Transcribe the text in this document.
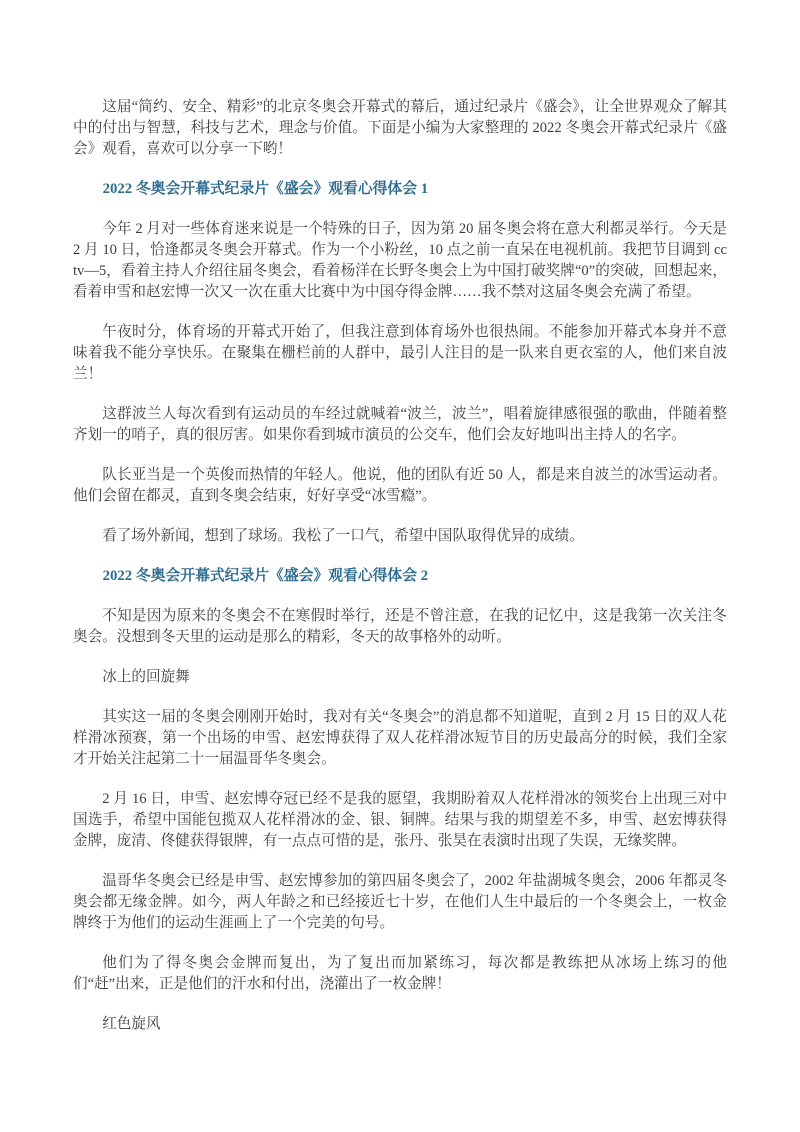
这届“简约、安全、精彩”的北京冬奥会开幕式的幕后，通过纪录片《盛会》，让全世界观众了解其中的付出与智慧，科技与艺术，理念与价值。下面是小编为大家整理的 2022 冬奥会开幕式纪录片《盛会》观看，喜欢可以分享一下哟！

2022 冬奥会开幕式纪录片《盛会》观看心得体会 1

今年 2 月对一些体育迷来说是一个特殊的日子，因为第 20 届冬奥会将在意大利都灵举行。今天是 2 月 10 日，恰逢都灵冬奥会开幕式。作为一个小粉丝，10 点之前一直呆在电视机前。我把节目调到 cctv—5，看着主持人介绍往届冬奥会，看着杨洋在长野冬奥会上为中国打破奖牌“0”的突破，回想起来，看着申雪和赵宏博一次又一次在重大比赛中为中国夺得金牌……我不禁对这届冬奥会充满了希望。

午夜时分，体育场的开幕式开始了，但我注意到体育场外也很热闹。不能参加开幕式本身并不意味着我不能分享快乐。在聚集在栅栏前的人群中，最引人注目的是一队来自更衣室的人，他们来自波兰！

这群波兰人每次看到有运动员的车经过就喊着“波兰，波兰”，唱着旋律感很强的歌曲，伴随着整齐划一的哨子，真的很厉害。如果你看到城市演员的公交车，他们会友好地叫出主持人的名字。

队长亚当是一个英俊而热情的年轻人。他说，他的团队有近 50 人，都是来自波兰的冰雪运动者。他们会留在都灵，直到冬奥会结束，好好享受“冰雪瘾”。

看了场外新闻，想到了球场。我松了一口气，希望中国队取得优异的成绩。

2022 冬奥会开幕式纪录片《盛会》观看心得体会 2

不知是因为原来的冬奥会不在寒假时举行，还是不曾注意，在我的记忆中，这是我第一次关注冬奥会。没想到冬天里的运动是那么的精彩，冬天的故事格外的动听。

冰上的回旋舞

其实这一届的冬奥会刚刚开始时，我对有关“冬奥会”的消息都不知道呢，直到 2 月 15 日的双人花样滑冰预赛，第一个出场的申雪、赵宏博获得了双人花样滑冰短节目的历史最高分的时候，我们全家才开始关注起第二十一届温哥华冬奥会。

2 月 16 日，申雪、赵宏博夺冠已经不是我的愿望，我期盼着双人花样滑冰的领奖台上出现三对中国选手，希望中国能包揽双人花样滑冰的金、银、铜牌。结果与我的期望差不多，申雪、赵宏博获得金牌，庞清、佟健获得银牌，有一点点可惜的是，张丹、张昊在表演时出现了失误，无缘奖牌。

温哥华冬奥会已经是申雪、赵宏博参加的第四届冬奥会了，2002 年盐湖城冬奥会，2006 年都灵冬奥会都无缘金牌。如今，两人年龄之和已经接近七十岁，在他们人生中最后的一个冬奥会上，一枚金牌终于为他们的运动生涯画上了一个完美的句号。

他们为了得冬奥会金牌而复出，为了复出而加紧练习，每次都是教练把从冰场上练习的他们“赶”出来，正是他们的汗水和付出，浇灌出了一枚金牌！

红色旋风
